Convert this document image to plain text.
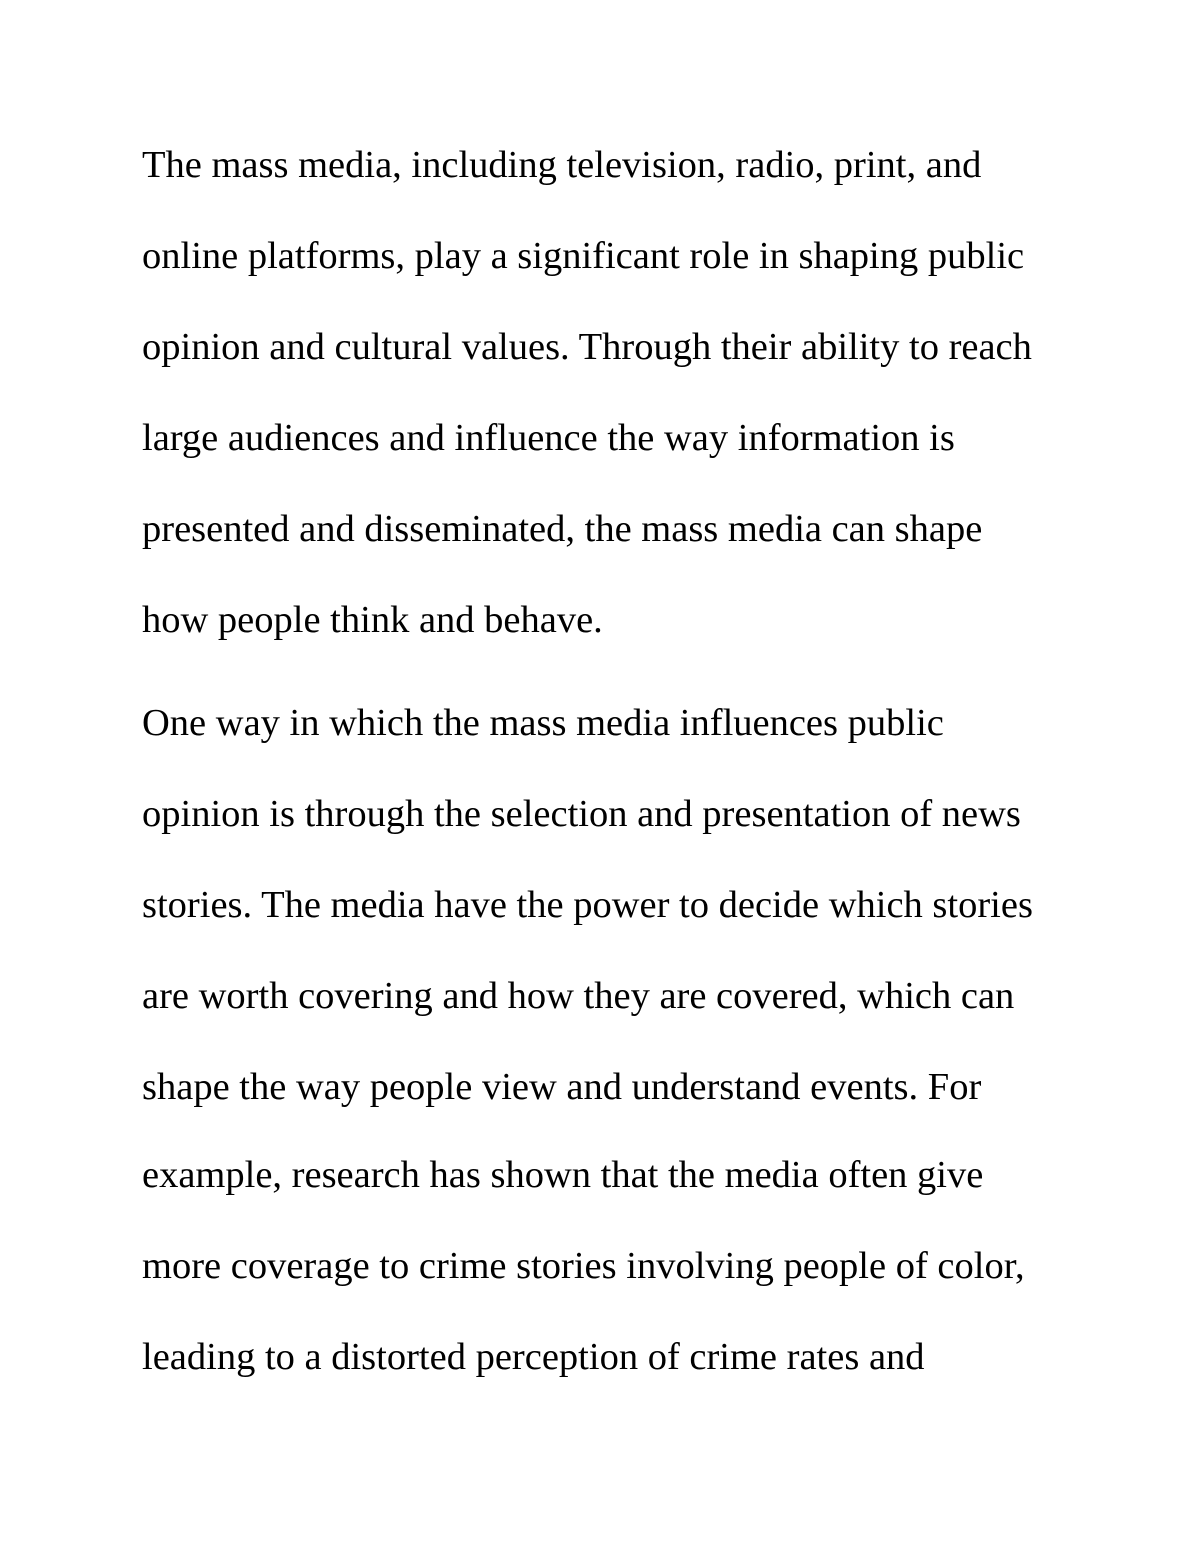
The mass media, including television, radio, print, and

online platforms, play a significant role in shaping public

opinion and cultural values. Through their ability to reach

large audiences and influence the way information is

presented and disseminated, the mass media can shape

how people think and behave.

One way in which the mass media influences public

opinion is through the selection and presentation of news

stories. The media have the power to decide which stories

are worth covering and how they are covered, which can

shape the way people view and understand events. For

example, research has shown that the media often give

more coverage to crime stories involving people of color,

leading to a distorted perception of crime rates and
